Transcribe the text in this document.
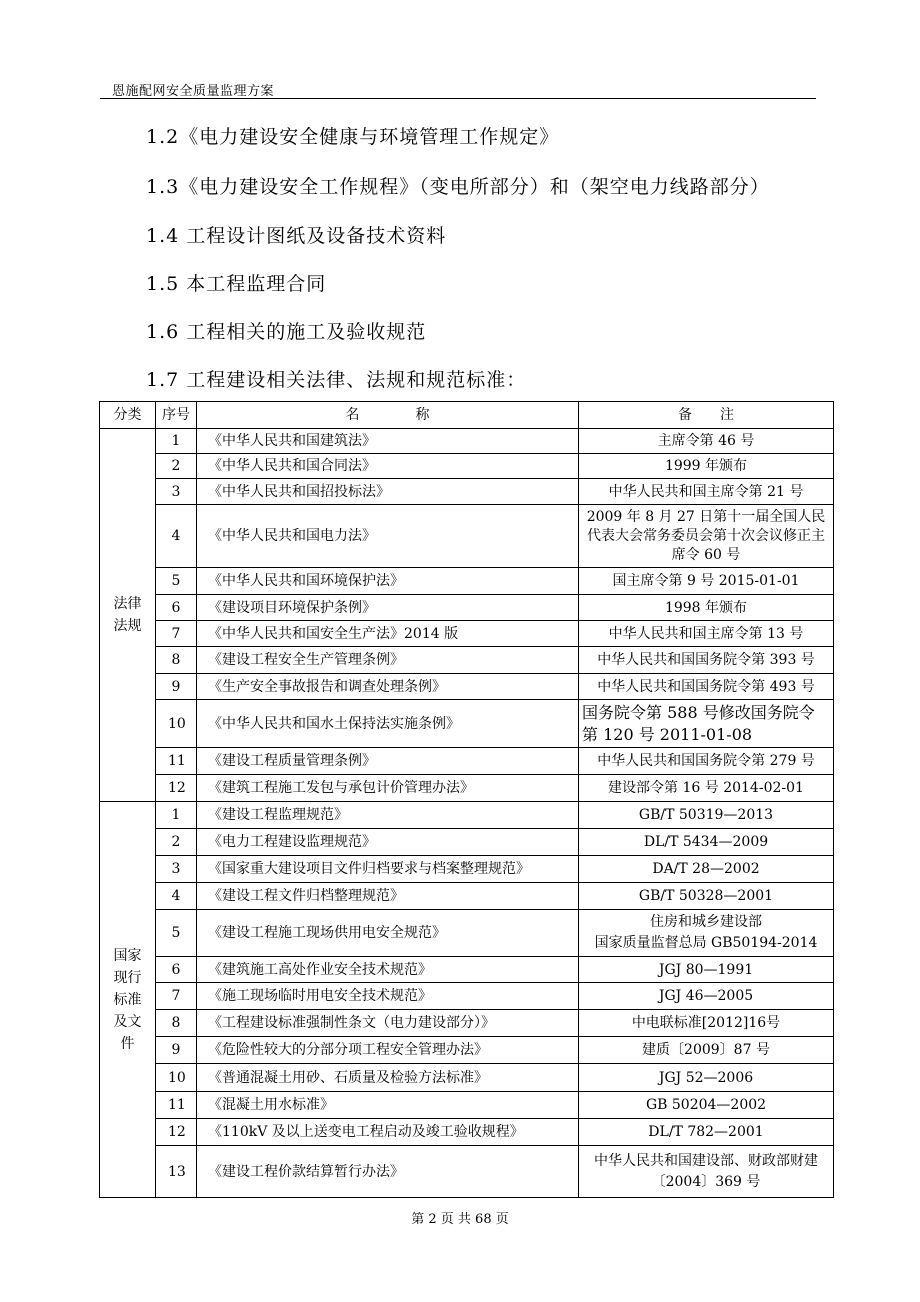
恩施配网安全质量监理方案
1.2《电力建设安全健康与环境管理工作规定》
1.3《电力建设安全工作规程》（变电所部分）和（架空电力线路部分）
1.4 工程设计图纸及设备技术资料
1.5 本工程监理合同
1.6 工程相关的施工及验收规范
1.7 工程建设相关法律、法规和规范标准：
分类	序号	名　　　　称	备　　注
法律
法规	1	《中华人民共和国建筑法》	主席令第 46 号
	2	《中华人民共和国合同法》	1999 年颁布
	3	《中华人民共和国招投标法》	中华人民共和国主席令第 21 号
	4	《中华人民共和国电力法》	2009 年 8 月 27 日第十一届全国人民代表大会常务委员会第十次会议修正主席令 60 号
	5	《中华人民共和国环境保护法》	国主席令第 9 号 2015-01-01
	6	《建设项目环境保护条例》	1998 年颁布
	7	《中华人民共和国安全生产法》2014 版	中华人民共和国主席令第 13 号
	8	《建设工程安全生产管理条例》	中华人民共和国国务院令第 393 号
	9	《生产安全事故报告和调查处理条例》	中华人民共和国国务院令第 493 号
	10	《中华人民共和国水土保持法实施条例》	国务院令第 588 号修改国务院令第 120 号 2011-01-08
	11	《建设工程质量管理条例》	中华人民共和国国务院令第 279 号
	12	《建筑工程施工发包与承包计价管理办法》	建设部令第 16 号 2014-02-01
国家
现行
标准
及文
件	1	《建设工程监理规范》	GB/T 50319—2013
	2	《电力工程建设监理规范》	DL/T 5434—2009
	3	《国家重大建设项目文件归档要求与档案整理规范》	DA/T 28—2002
	4	《建设工程文件归档整理规范》	GB/T 50328—2001
	5	《建设工程施工现场供用电安全规范》	住房和城乡建设部
国家质量监督总局 GB50194-2014
	6	《建筑施工高处作业安全技术规范》	JGJ 80—1991
	7	《施工现场临时用电安全技术规范》	JGJ 46—2005
	8	《工程建设标准强制性条文（电力建设部分）》	中电联标准[2012]16号
	9	《危险性较大的分部分项工程安全管理办法》	建质〔2009〕87 号
	10	《普通混凝土用砂、石质量及检验方法标准》	JGJ 52—2006
	11	《混凝土用水标准》	GB 50204—2002
	12	《110kV 及以上送变电工程启动及竣工验收规程》	DL/T 782—2001
	13	《建设工程价款结算暂行办法》	中华人民共和国建设部、财政部财建〔2004〕369 号
第 2 页 共 68 页
